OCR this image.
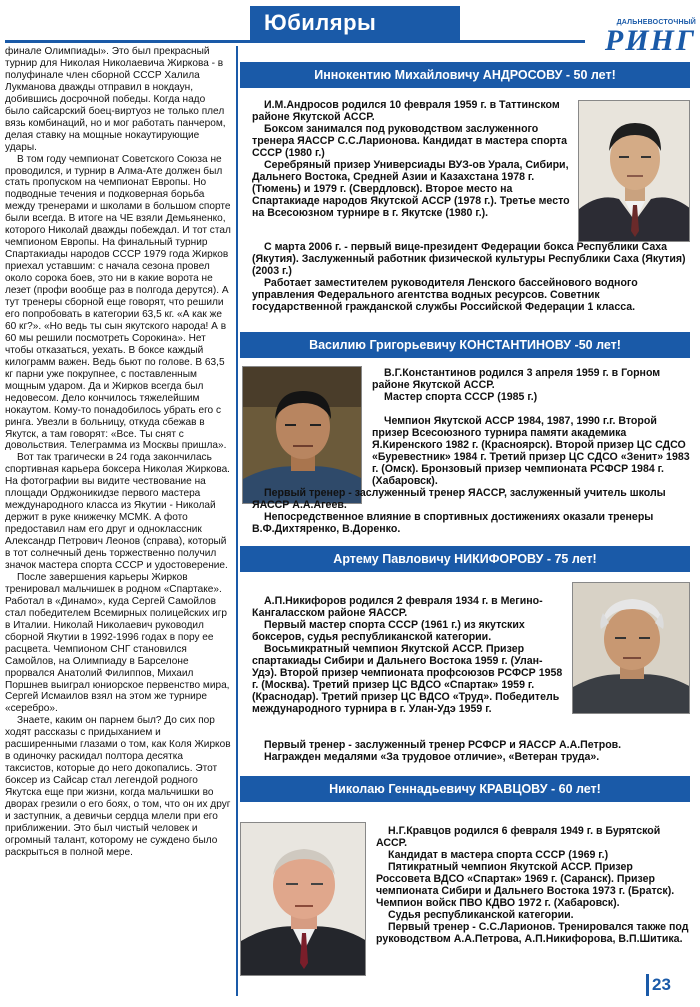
Юбиляры	ДАЛЬНЕВОСТОЧНЫЙ
РИНГ

финале Олимпиады». Это был прекрасный турнир для Николая Николаевича Жиркова - в полуфинале член сборной СССР Халила Лукманова дважды отправил в нокдаун, добившись досрочной победы. Когда надо было сайсарский боец-виртуоз не только плел вязь комбинаций, но и мог работать панчером, делая ставку на мощные нокаутирующие удары.

В том году чемпионат Советского Союза не проводился, и турнир в Алма-Ате должен был стать пропуском на чемпионат Европы. Но подводные течения и подковерная борьба между тренерами и школами в большом спорте были всегда. В итоге на ЧЕ взяли Демьяненко, которого Николай дважды побеждал. И тот стал чемпионом Европы. На финальный турнир Спартакиады народов СССР 1979 года Жирков приехал уставшим: с начала сезона провел около сорока боев, это ни в какие ворота не лезет (профи вообще раз в полгода дерутся). А тут тренеры сборной еще говорят, что решили его попробовать в категории 63,5 кг. «А как же 60 кг?». «Но ведь ты сын якутского народа! А в 60 мы решили посмотреть Сорокина». Нет чтобы отказаться, уехать. В боксе каждый килограмм важен. Ведь бьют по голове. В 63,5 кг парни уже покрупнее, с поставленным мощным ударом. Да и Жирков всегда был недовесом. Дело кончилось тяжелейшим нокаутом. Кому-то понадобилось убрать его с ринга. Увезли в больницу, откуда сбежав в Якутск, а там говорят: «Все. Ты снят с довольствия. Телеграмма из Москвы пришла».

Вот так трагически в 24 года закончилась спортивная карьера боксера Николая Жиркова. На фотографии вы видите чествование на площади Орджоникидзе первого мастера международного класса из Якутии - Николай держит в руке книжечку МСМК. А фото предоставил нам его друг и одноклассник Александр Петрович Леонов (справа), который в тот солнечный день торжественно получил значок мастера спорта СССР и удостоверение.

После завершения карьеры Жирков тренировал мальчишек в родном «Спартаке». Работал в «Динамо», куда Сергей Самойлов стал победителем Всемирных полицейских игр в Италии. Николай Николаевич руководил сборной Якутии в 1992-1996 годах в пору ее расцвета. Чемпионом СНГ становился Самойлов, на Олимпиаду в Барселоне прорвался Анатолий Филиппов, Михаил Поршнев выиграл юниорское первенство мира, Сергей Исмаилов взял на этом же турнире «серебро».

Знаете, каким он парнем был? До сих пор ходят рассказы с придыханием и расширенными глазами о том, как Коля Жирков в одиночку раскидал полтора десятка таксистов, которые до него докопались. Этот боксер из Сайсар стал легендой родного Якутска еще при жизни, когда мальчишки во дворах грезили о его боях, о том, что он их друг и заступник, а девичьи сердца млели при его приближении. Это был чистый человек и огромный талант, которому не суждено было раскрыться в полной мере.

Иннокентию Михайловичу АНДРОСОВУ - 50 лет!

И.М.Андросов родился 10 февраля 1959 г. в Таттинском районе Якутской АССР.

Боксом занимался под руководством заслуженного тренера ЯАССР С.С.Ларионова. Кандидат в мастера спорта СССР (1980 г.)

Серебряный призер Универсиады ВУЗ-ов Урала, Сибири, Дальнего Востока, Средней Азии и Казахстана 1978 г. (Тюмень) и 1979 г. (Свердловск). Второе место на Спартакиаде народов Якутской АССР (1978 г.). Третье место на Всесоюзном турнире в г. Якутске (1980 г.).

С марта 2006 г. - первый вице-президент Федерации бокса Республики Саха (Якутия). Заслуженный работник физической культуры Республики Саха (Якутия) (2003 г.)

Работает заместителем руководителя Ленского бассейнового водного управления Федерального агентства водных ресурсов. Советник государственной гражданской службы Российской Федерации 1 класса.

Василию Григорьевичу КОНСТАНТИНОВУ -50 лет!

В.Г.Константинов родился 3 апреля 1959 г. в Горном районе Якутской АССР.

Мастер спорта СССР (1985 г.)

Чемпион Якутской АССР 1984, 1987, 1990 г.г. Второй призер Всесоюзного турнира памяти академика Я.Киренского 1982 г. (Красноярск). Второй призер ЦС СДСО «Буревестник» 1984 г. Третий призер ЦС СДСО «Зенит» 1983 г. (Омск). Бронзовый призер чемпионата РСФСР 1984 г. (Хабаровск).

Первый тренер - заслуженный тренер ЯАССР, заслуженный учитель школы ЯАССР А.А.Агеев.

Непосредственное влияние в спортивных достижениях оказали тренеры В.Ф.Дихтяренко, В.Доренко.

Артему Павловичу НИКИФОРОВУ - 75 лет!

А.П.Никифоров родился 2 февраля 1934 г. в Мегино-Кангаласском районе ЯАССР.

Первый мастер спорта СССР (1961 г.) из якутских боксеров, судья республиканской категории.

Восьмикратный чемпион Якутской АССР. Призер спартакиады Сибири и Дальнего Востока 1959 г. (Улан-Удэ). Второй призер чемпионата профсоюзов РСФСР 1958 г. (Москва). Третий призер ЦС ВДСО «Спартак» 1959 г. (Краснодар). Третий призер ЦС ВДСО «Труд». Победитель международного турнира в г. Улан-Удэ 1959 г.

Первый тренер - заслуженный тренер РСФСР и ЯАССР А.А.Петров.

Награжден медалями «За трудовое отличие», «Ветеран труда».

Николаю Геннадьевичу КРАВЦОВУ - 60 лет!

Н.Г.Кравцов родился 6 февраля 1949 г. в Бурятской АССР.

Кандидат в мастера спорта СССР (1969 г.)

Пятикратный чемпион Якутской АССР. Призер Россовета ВДСО «Спартак» 1969 г. (Саранск). Призер чемпионата Сибири и Дальнего Востока 1973 г. (Братск). Чемпион войск ПВО КДВО 1972 г. (Хабаровск).

Судья республиканской категории.

Первый тренер - С.С.Ларионов. Тренировался также под руководством А.А.Петрова, А.П.Никифорова, В.П.Шитика.

23
